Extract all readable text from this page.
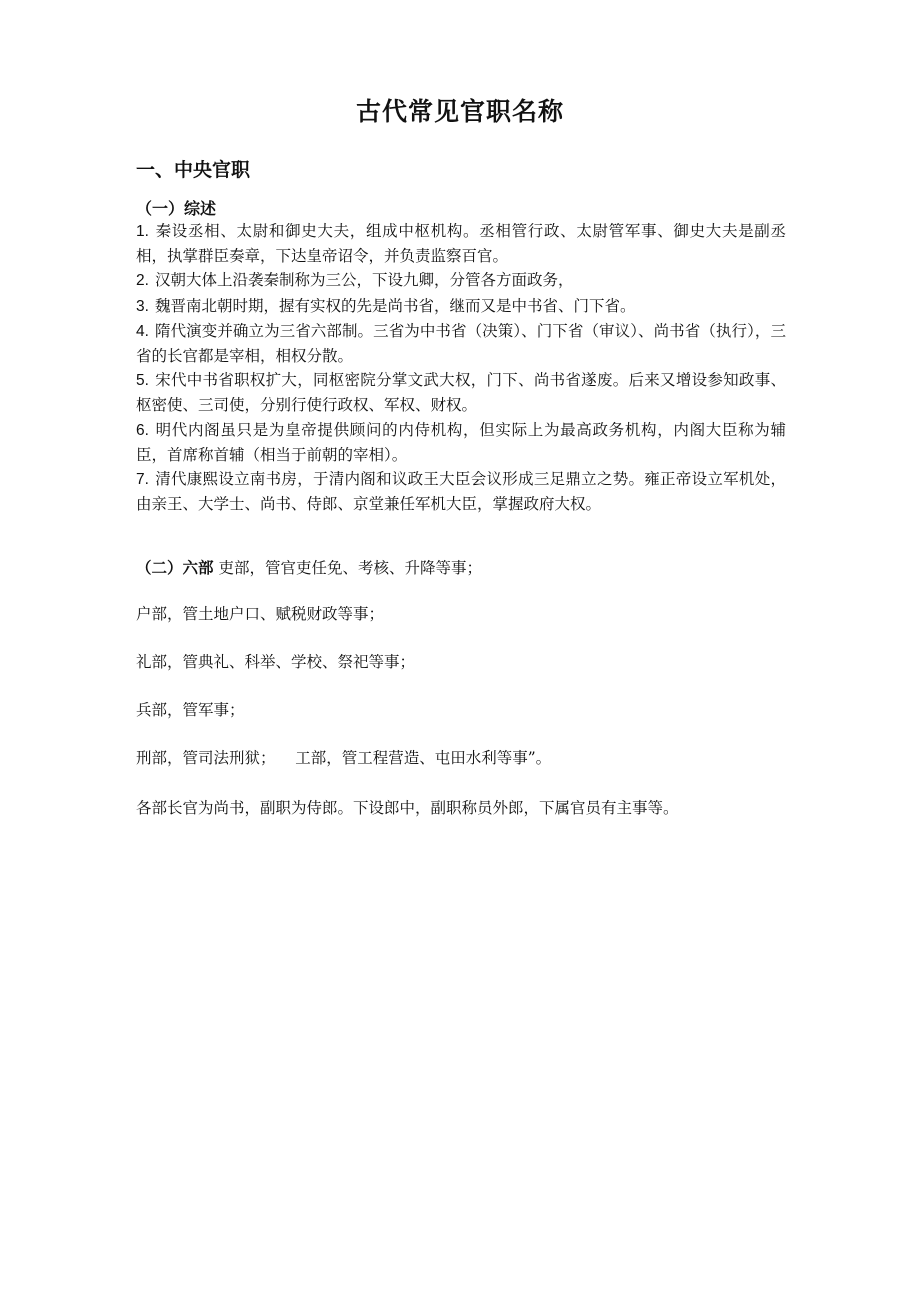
古代常见官职名称
一、中央官职
（一）综述
1. 秦设丞相、太尉和御史大夫，组成中枢机构。丞相管行政、太尉管军事、御史大夫是副丞相，执掌群臣奏章，下达皇帝诏令，并负责监察百官。
2. 汉朝大体上沿袭秦制称为三公，下设九卿，分管各方面政务，
3. 魏晋南北朝时期，握有实权的先是尚书省，继而又是中书省、门下省。
4. 隋代演变并确立为三省六部制。三省为中书省（决策）、门下省（审议）、尚书省（执行），三省的长官都是宰相，相权分散。
5. 宋代中书省职权扩大，同枢密院分掌文武大权，门下、尚书省遂废。后来又增设参知政事、枢密使、三司使，分别行使行政权、军权、财权。
6. 明代内阁虽只是为皇帝提供顾问的内侍机构，但实际上为最高政务机构，内阁大臣称为辅臣，首席称首辅（相当于前朝的宰相）。
7. 清代康熙设立南书房，于清内阁和议政王大臣会议形成三足鼎立之势。雍正帝设立军机处，由亲王、大学士、尚书、侍郎、京堂兼任军机大臣，掌握政府大权。

（二）六部 吏部，管官吏任免、考核、升降等事；

户部，管土地户口、赋税财政等事；

礼部，管典礼、科举、学校、祭祀等事；

兵部，管军事；

刑部，管司法刑狱； 工部，管工程营造、屯田水利等事”。

各部长官为尚书，副职为侍郎。下设郎中，副职称员外郎，下属官员有主事等。
